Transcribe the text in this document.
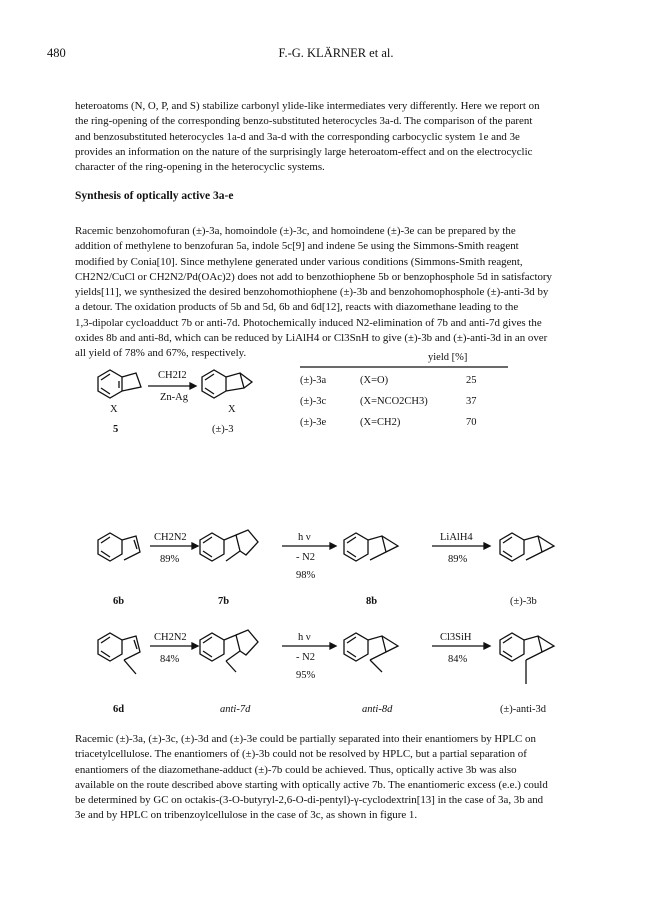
480	F.-G. KLÄRNER et al.
heteroatoms (N, O, P, and S) stabilize carbonyl ylide-like intermediates very differently. Here we report on
the ring-opening of the corresponding benzo-substituted heterocycles 3a-d. The comparison of the parent
and benzosubstituted heterocycles 1a-d and 3a-d with the corresponding carbocyclic system 1e and 3e
provides an information on the nature of the surprisingly large heteroatom-effect and on the electrocyclic
character of the ring-opening in the heterocyclic systems.
Synthesis of optically active 3a-e
Racemic benzohomofuran (±)-3a, homoindole (±)-3c, and homoindene (±)-3e can be prepared by the
addition of methylene to benzofuran 5a, indole 5c[9] and indene 5e using the Simmons-Smith reagent
modified by Conia[10]. Since methylene generated under various conditions (Simmons-Smith reagent,
CH2N2/CuCl or CH2N2/Pd(OAc)2) does not add to benzothiophene 5b or benzophosphole 5d in satisfactory
yields[11], we synthesized the desired benzohomothiophene (±)-3b and benzohomophosphole (±)-anti-3d by
a detour. The oxidation products of 5b and 5d, 6b and 6d[12], reacts with diazomethane leading to the
1,3-dipolar cycloadduct 7b or anti-7d. Photochemically induced N2-elimination of 7b and anti-7d gives the
oxides 8b and anti-8d, which can be reduced by LiAlH4 or Cl3SnH to give (±)-3b and (±)-anti-3d in an over
all yield of 78% and 67%, respectively.
X	X
CH2I2
Zn-Ag
5	(±)-3
yield [%]
(±)-3a	(X=O)	25
(±)-3c	(X=NCO2CH3)	37
(±)-3e	(X=CH2)	70
CH2N2
89%
h ν
- N2
98%
LiAlH4
89%
6b	7b	8b	(±)-3b
CH2N2
84%
h ν
- N2
95%
Cl3SiH
84%
6d	anti-7d	anti-8d	(±)-anti-3d
Racemic (±)-3a, (±)-3c, (±)-3d and (±)-3e could be partially separated into their enantiomers by HPLC on
triacetylcellulose. The enantiomers of (±)-3b could not be resolved by HPLC, but a partial separation of
enantiomers of the diazomethane-adduct (±)-7b could be achieved. Thus, optically active 3b was also
available on the route described above starting with optically active 7b. The enantiomeric excess (e.e.) could
be determined by GC on octakis-(3-O-butyryl-2,6-O-di-pentyl)-γ-cyclodextrin[13] in the case of 3a, 3b and
3e and by HPLC on tribenzoylcellulose in the case of 3c, as shown in figure 1.
